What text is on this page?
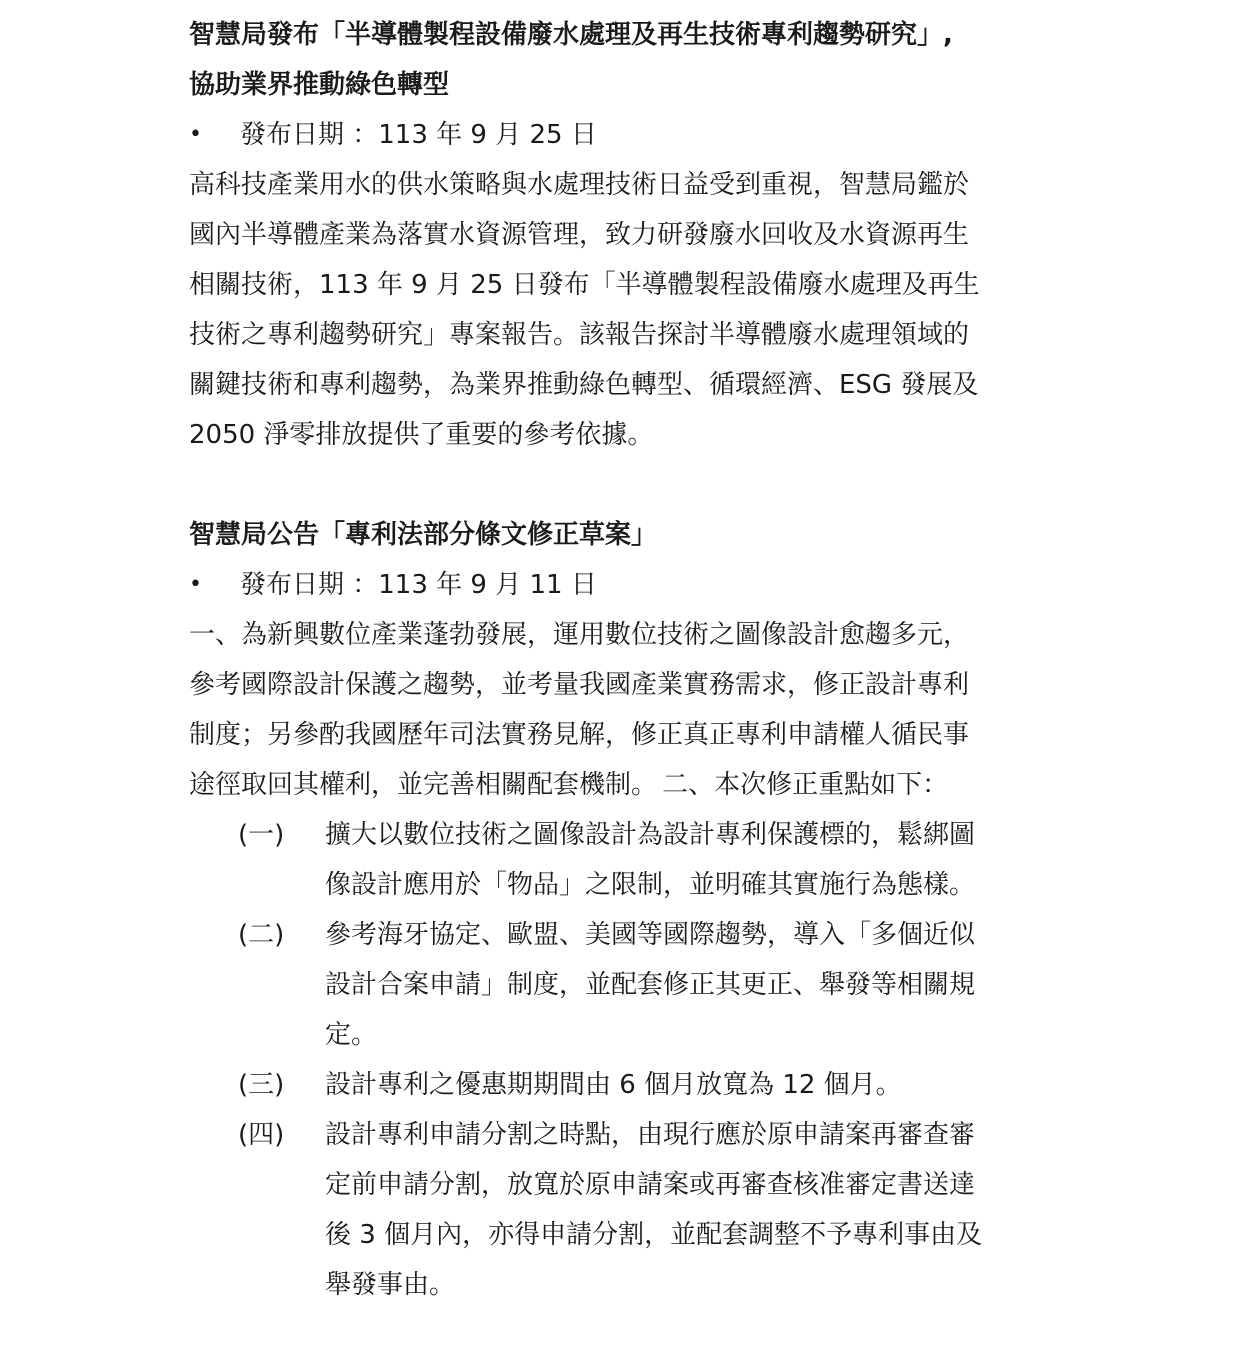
智慧局發布「半導體製程設備廢水處理及再生技術專利趨勢研究」, 協助業界推動綠色轉型
• 發布日期 ：113 年 9 月 25 日
高科技產業用水的供水策略與水處理技術日益受到重視，智慧局鑑於 國內半導體產業為落實水資源管理，致力研發廢水回收及水資源再生 相關技術，113 年 9 月 25 日發布「半導體製程設備廢水處理及再生 技術之專利趨勢研究」專案報告。該報告探討半導體廢水處理領域的 關鍵技術和專利趨勢，為業界推動綠色轉型、循環經濟、ESG 發展及 2050 淨零排放提供了重要的參考依據。
智慧局公告「專利法部分條文修正草案」
• 發布日期 ：113 年 9 月 11 日
一、為新興數位產業蓬勃發展，運用數位技術之圖像設計愈趨多元， 參考國際設計保護之趨勢，並考量我國產業實務需求，修正設計專利 制度；另參酌我國歷年司法實務見解，修正真正專利申請權人循民事 途徑取回其權利，並完善相關配套機制。 二、本次修正重點如下：
(一) 擴大以數位技術之圖像設計為設計專利保護標的，鬆綁圖
像設計應用於「物品」之限制，並明確其實施行為態樣。
(二) 參考海牙協定、歐盟、美國等國際趨勢，導入「多個近似
設計合案申請」制度，並配套修正其更正、舉發等相關規
定。
(三) 設計專利之優惠期期間由 6 個月放寬為 12 個月。
(四) 設計專利申請分割之時點，由現行應於原申請案再審查審
定前申請分割，放寬於原申請案或再審查核准審定書送達
後 3 個月內，亦得申請分割，並配套調整不予專利事由及
舉發事由。
